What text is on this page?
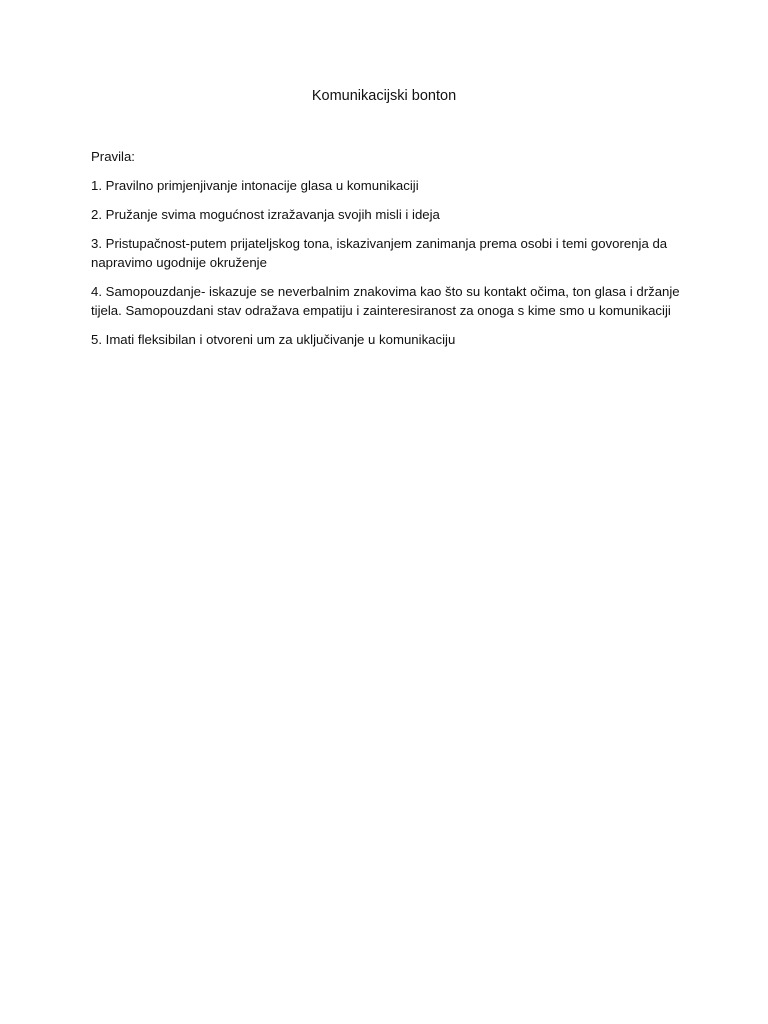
Komunikacijski bonton

Pravila:

1. Pravilno primjenjivanje intonacije glasa u komunikaciji

2. Pružanje svima mogućnost izražavanja svojih misli i ideja

3. Pristupačnost-putem prijateljskog tona, iskazivanjem zanimanja prema osobi i temi govorenja da napravimo ugodnije okruženje

4. Samopouzdanje- iskazuje se neverbalnim znakovima kao što su kontakt očima, ton glasa i držanje tijela. Samopouzdani stav odražava empatiju i zainteresiranost za onoga s kime smo u komunikaciji

5. Imati fleksibilan i otvoreni um za uključivanje u komunikaciju
